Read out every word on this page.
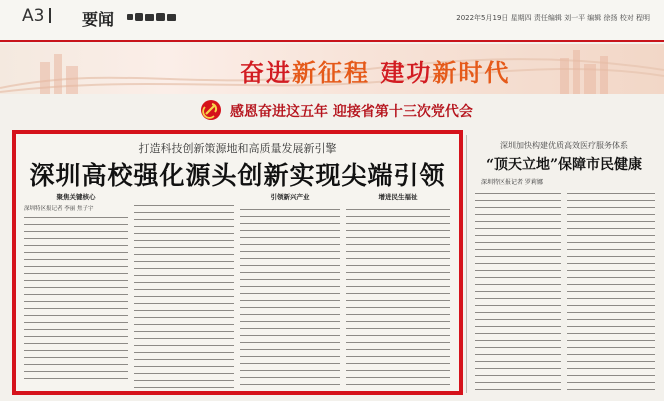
A3	要闻	2022年5月19日 星期四 责任编辑 刘一平 编辑 徐扬 校对 程明
奋进新征程 建功新时代
感恩奋进这五年 迎接省第十三次党代会
打造科技创新策源地和高质量发展新引擎
深圳高校强化源头创新实现尖端引领
聚焦关键核心
深圳特区报记者 李丽 焦子宇
引领新兴产业	增进民生福祉
深圳加快构建优质高效医疗服务体系
“顶天立地”保障市民健康
深圳特区报记者 罗莉娜
